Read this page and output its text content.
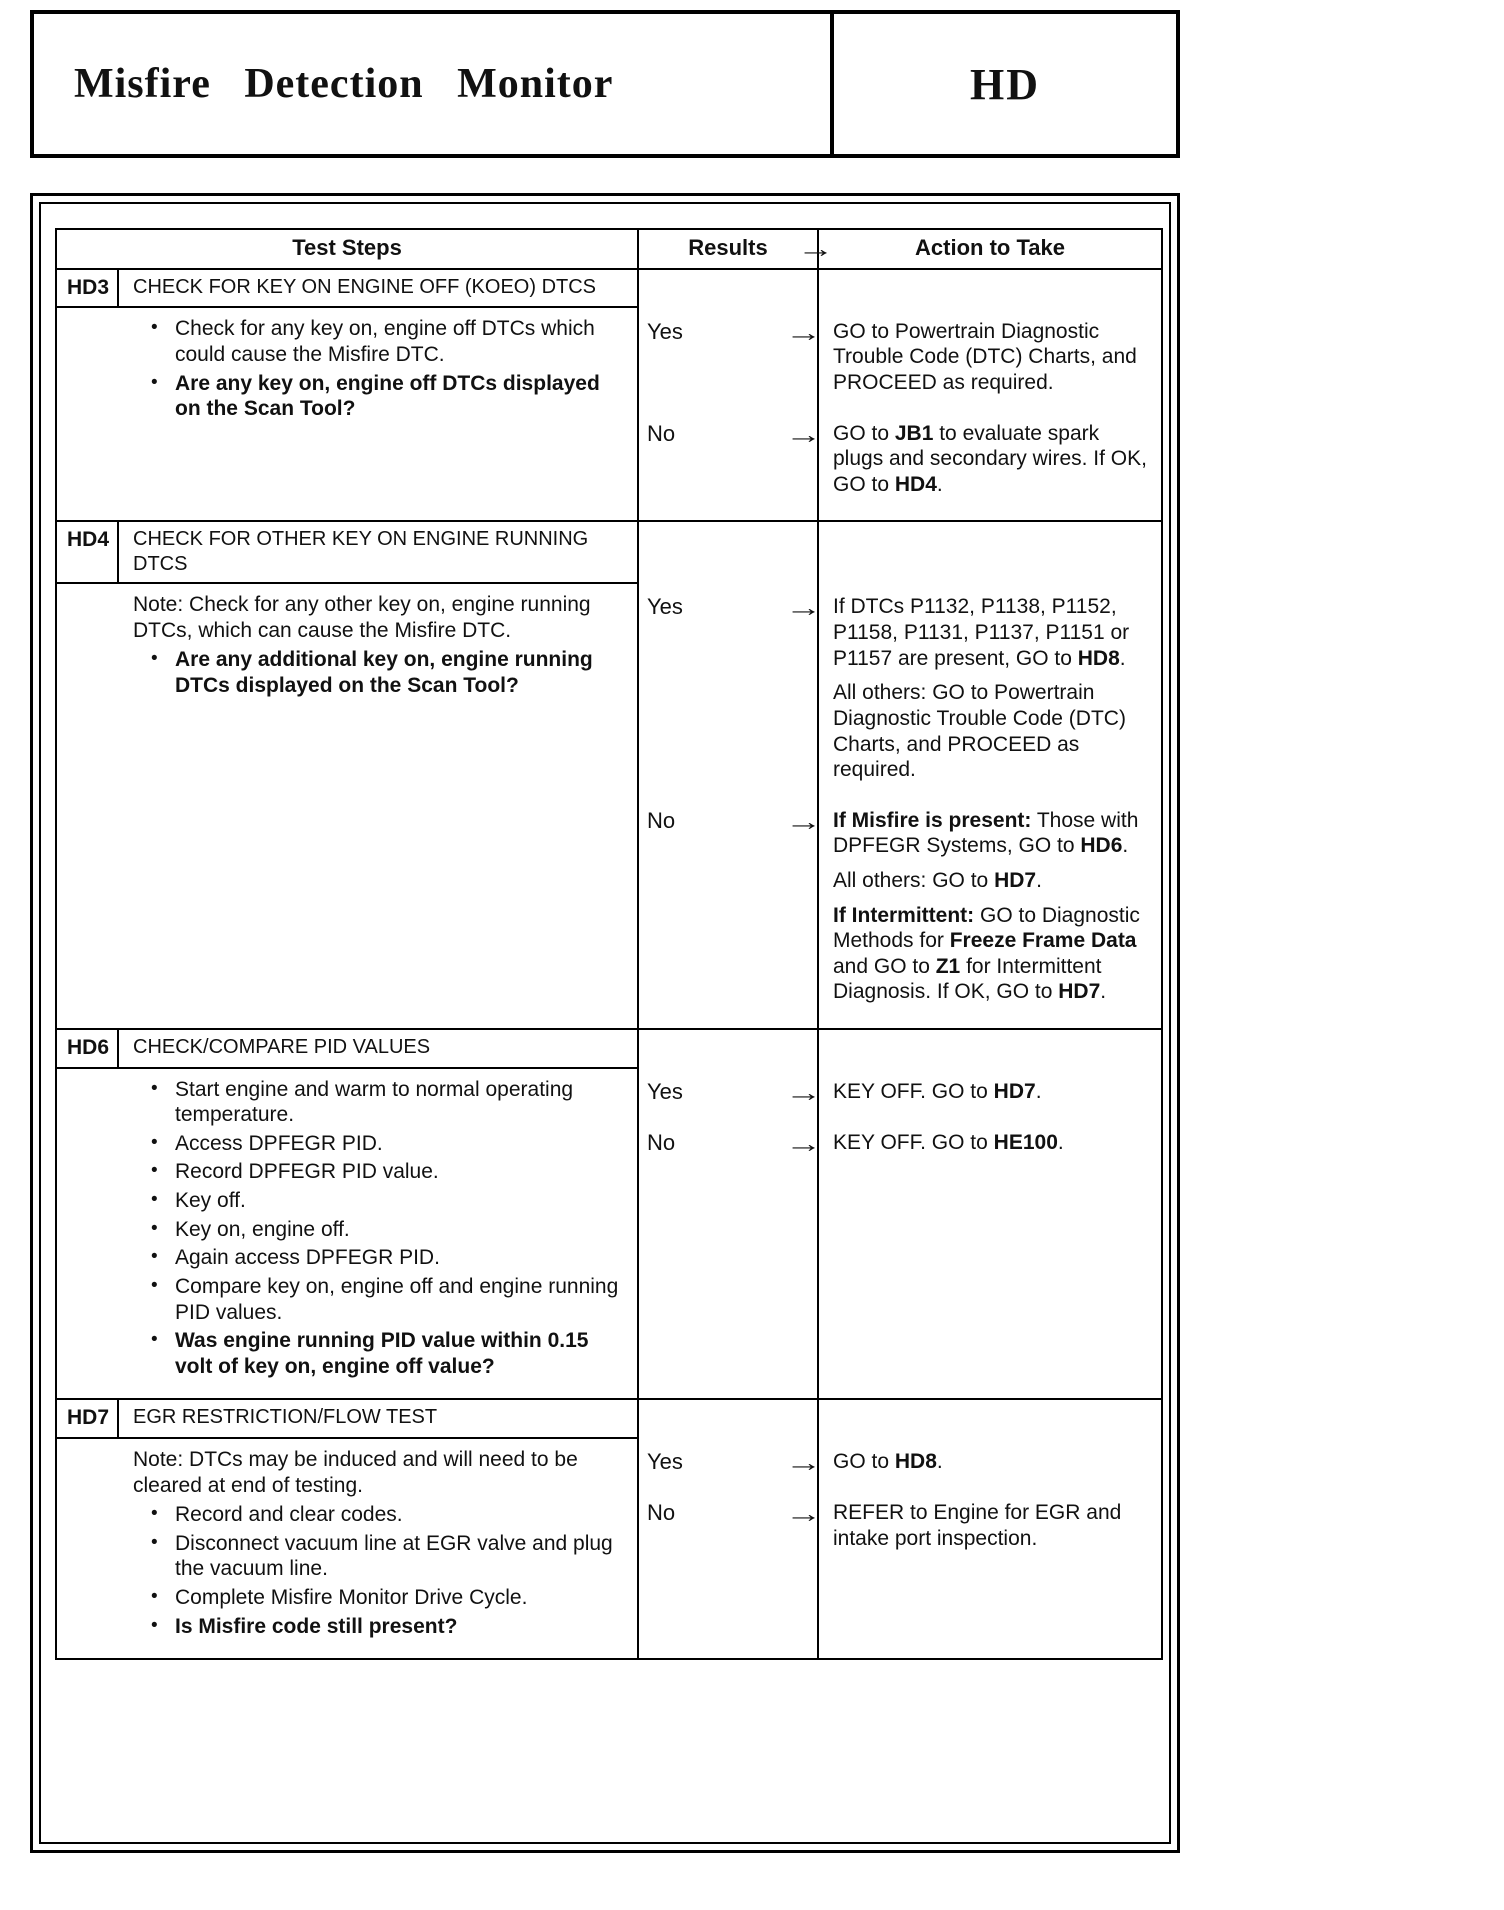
Misfire Detection Monitor	HD
Test Steps	Results	Action to Take
→
HD3	CHECK FOR KEY ON ENGINE OFF (KOEO) DTCS
• Check for any key on, engine off DTCs which could cause the Misfire DTC.
• Are any key on, engine off DTCs displayed on the Scan Tool?
Yes	→ GO to Powertrain Diagnostic Trouble Code (DTC) Charts, and PROCEED as required.

No	→ GO to JB1 to evaluate spark plugs and secondary wires. If OK, GO to HD4.

HD4	CHECK FOR OTHER KEY ON ENGINE RUNNING DTCS

Note: Check for any other key on, engine running DTCs, which can cause the Misfire DTC.

• Are any additional key on, engine running DTCs displayed on the Scan Tool?
Yes	→ If DTCs P1132, P1138, P1152, P1158, P1131, P1137, P1151 or P1157 are present, GO to HD8.

All others: GO to Powertrain Diagnostic Trouble Code (DTC) Charts, and PROCEED as required.

No	→ If Misfire is present: Those with DPFEGR Systems, GO to HD6.

All others: GO to HD7.

If Intermittent: GO to Diagnostic Methods for Freeze Frame Data and GO to Z1 for Intermittent Diagnosis. If OK, GO to HD7.

HD6	CHECK/COMPARE PID VALUES
• Start engine and warm to normal operating temperature.
• Access DPFEGR PID.
• Record DPFEGR PID value.
• Key off.
• Key on, engine off.
• Again access DPFEGR PID.
• Compare key on, engine off and engine running PID values.
• Was engine running PID value within 0.15 volt of key on, engine off value?
Yes	→ KEY OFF. GO to HD7.

No	→ KEY OFF. GO to HE100.

HD7	EGR RESTRICTION/FLOW TEST

Note: DTCs may be induced and will need to be cleared at end of testing.

• Record and clear codes.
• Disconnect vacuum line at EGR valve and plug the vacuum line.
• Complete Misfire Monitor Drive Cycle.
• Is Misfire code still present?
Yes	→ GO to HD8.

No	→ REFER to Engine for EGR and intake port inspection.
